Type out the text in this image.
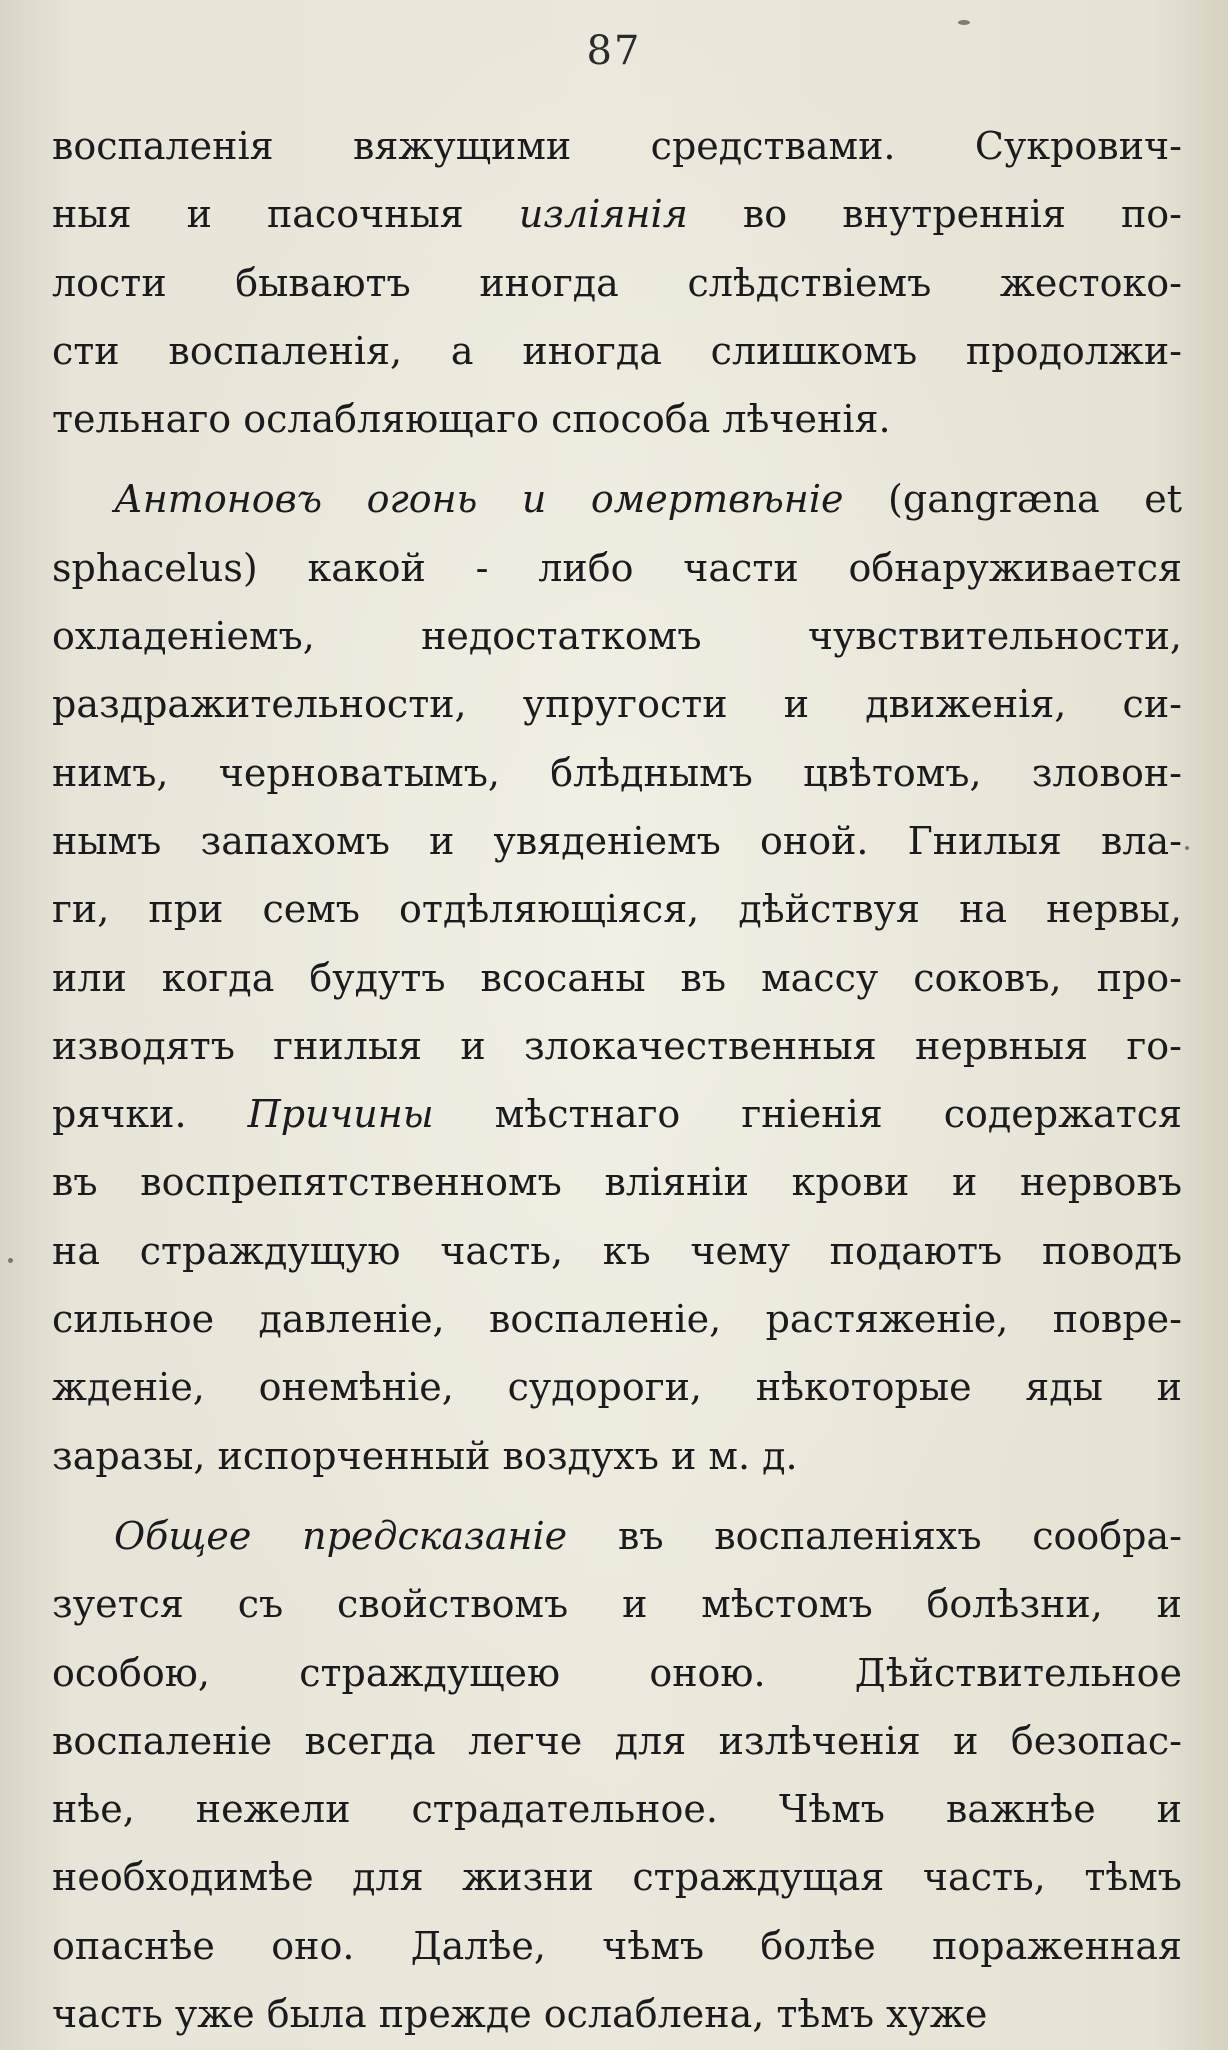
87
воспаленія вяжущими средствами. Сукрович-
ныя и пасочныя изліянія во внутреннія по-
лости бываютъ иногда слѣдствіемъ жестоко-
сти воспаленія, а иногда слишкомъ продолжи-
тельнаго ослабляющаго способа лѣченія.
Антоновъ огонь и омертвѣніе (gangræna et
sphacelus) какой - либо части обнаруживается
охладеніемъ, недостаткомъ чувствительности,
раздражительности, упругости и движенія, си-
нимъ, черноватымъ, блѣднымъ цвѣтомъ, зловон-
нымъ запахомъ и увяденіемъ оной. Гнилыя вла-
ги, при семъ отдѣляющіяся, дѣйствуя на нервы,
или когда будутъ всосаны въ массу соковъ, про-
изводятъ гнилыя и злокачественныя нервныя го-
рячки. Причины мѣстнаго гніенія содержатся
въ воспрепятственномъ вліяніи крови и нервовъ
на страждущую часть, къ чему подаютъ поводъ
сильное давленіе, воспаленіе, растяженіе, повре-
жденіе, онемѣніе, судороги, нѣкоторые яды и
заразы, испорченный воздухъ и м. д.
Общее предсказаніе въ воспаленіяхъ сообра-
зуется съ свойствомъ и мѣстомъ болѣзни, и
особою, страждущею оною. Дѣйствительное
воспаленіе всегда легче для излѣченія и безопас-
нѣе, нежели страдательное. Чѣмъ важнѣе и
необходимѣе для жизни страждущая часть, тѣмъ
опаснѣе оно. Далѣе, чѣмъ болѣе пораженная
часть уже была прежде ослаблена, тѣмъ хуже
